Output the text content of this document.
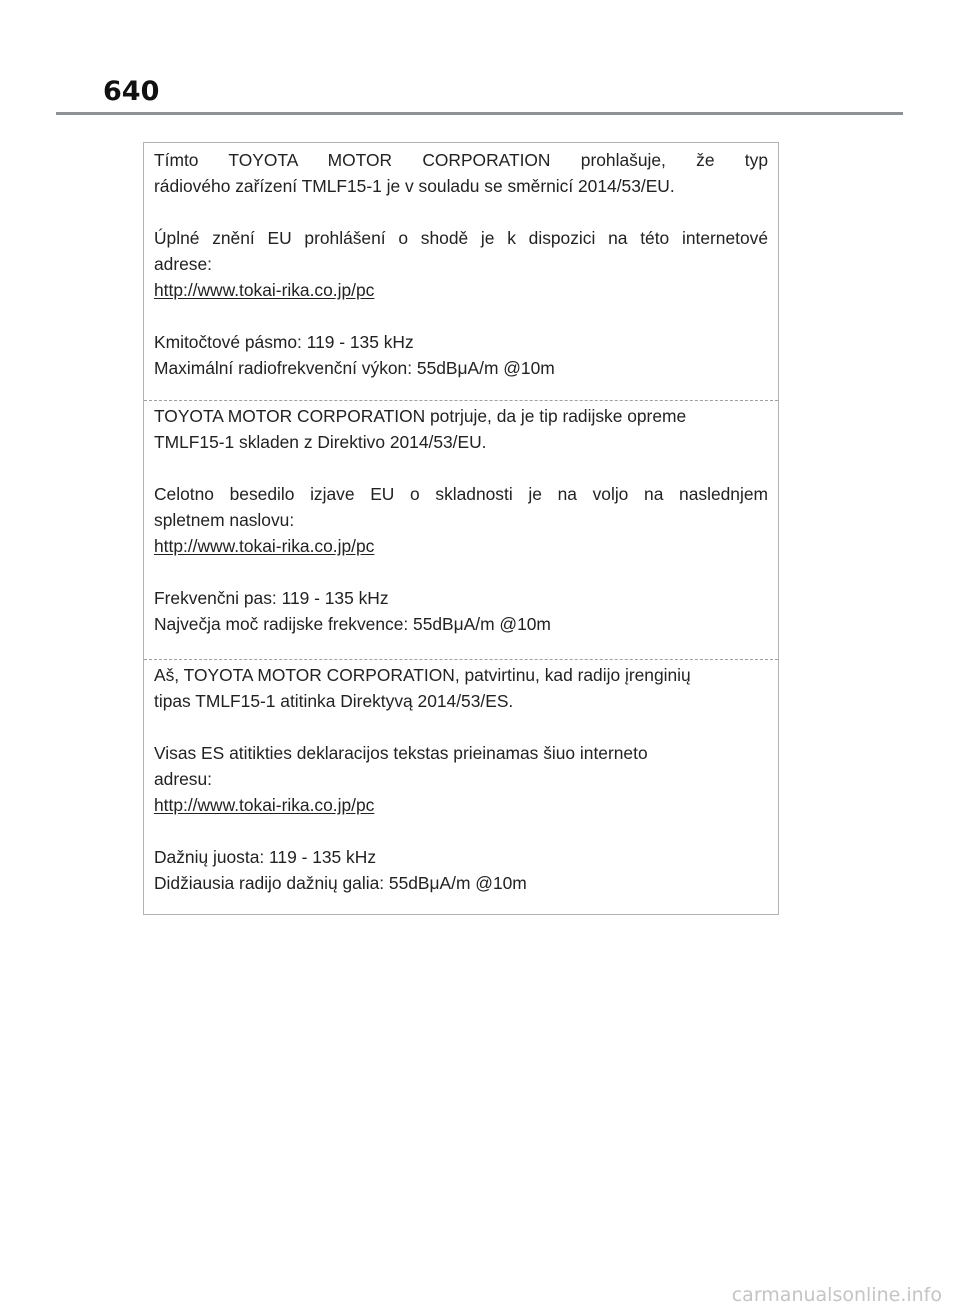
640

Tímto TOYOTA MOTOR CORPORATION prohlašuje, že typ

rádiového zařízení TMLF15-1 je v souladu se směrnicí 2014/53/EU.

Úplné znění EU prohlášení o shodě je k dispozici na této internetové

adrese:

http://www.tokai-rika.co.jp/pc

Kmitočtové pásmo: 119 - 135 kHz

Maximální radiofrekvenční výkon: 55dBμA/m @10m

TOYOTA MOTOR CORPORATION potrjuje, da je tip radijske opreme

TMLF15-1 skladen z Direktivo 2014/53/EU.

Celotno besedilo izjave EU o skladnosti je na voljo na naslednjem

spletnem naslovu:

http://www.tokai-rika.co.jp/pc

Frekvenčni pas: 119 - 135 kHz

Največja moč radijske frekvence: 55dBμA/m @10m

Aš, TOYOTA MOTOR CORPORATION, patvirtinu, kad radijo įrenginių

tipas TMLF15-1 atitinka Direktyvą 2014/53/ES.

Visas ES atitikties deklaracijos tekstas prieinamas šiuo interneto

adresu:

http://www.tokai-rika.co.jp/pc

Dažnių juosta: 119 - 135 kHz

Didžiausia radijo dažnių galia: 55dBμA/m @10m

carmanualsonline.info
